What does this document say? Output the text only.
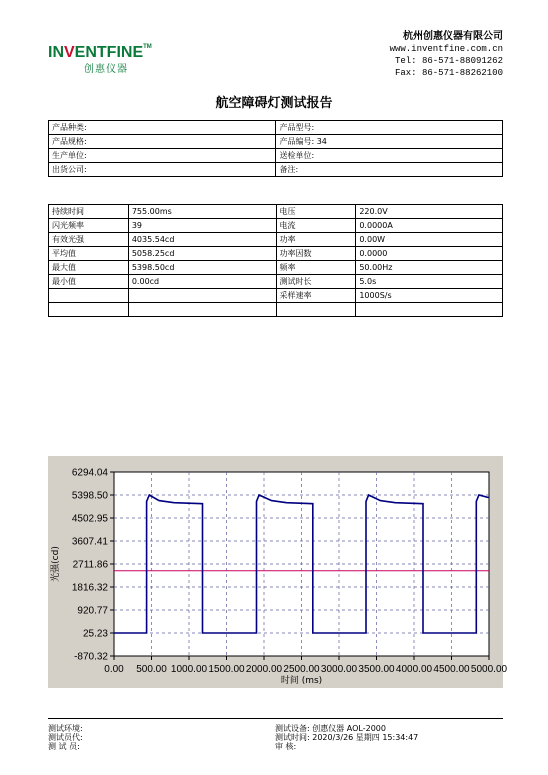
INVENTFINE™
创惠仪器
杭州创惠仪器有限公司
www.inventfine.com.cn
Tel: 86-571-88091262
Fax: 86-571-88262100
航空障碍灯测试报告
产品种类:	产品型号:
产品规格:	产品编号: 34
生产单位:	送检单位:
出货公司:	备注:
持续时间	755.00ms	电压	220.0V
闪光频率	39	电流	0.0000A
有效光强	4035.54cd	功率	0.00W
平均值	5058.25cd	功率因数	0.0000
最大值	5398.50cd	频率	50.00Hz
最小值	0.00cd	测试时长	5.0s
		采样速率	1000S/s

6294.04
5398.50
4502.95
3607.41
2711.86
1816.32
920.77
25.23
-870.32
0.00 500.00 1000.00 1500.00 2000.00 2500.00 3000.00 3500.00 4000.00 4500.00 5000.00
时间 (ms)
光强(cd)
测试环境:
测试员代:
测 试 员:
测试设备: 创惠仪器 AOL-2000
测试时间: 2020/3/26 星期四 15:34:47
审 核:
